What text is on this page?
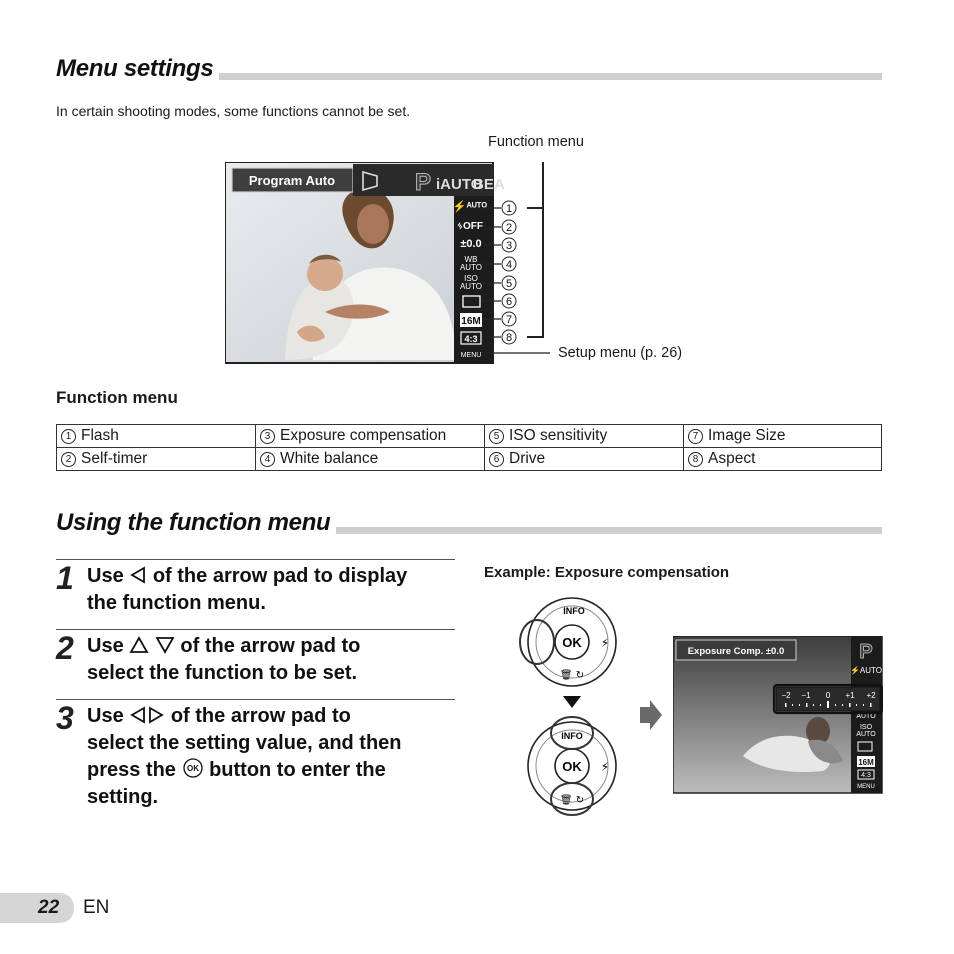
Menu settings
In certain shooting modes, some functions cannot be set.
Function menu
Program Auto	P iAUTO
BEA
⚡ᴬᵁᵀᴼ
ᛃOFF
±0.0
WB
AUTO
ISO
AUTO
16M
4:3
MENU
1
2
3
4
5
6
7
8
Setup menu (p. 26)
Function menu
1 Flash	3 Exposure compensation	5 ISO sensitivity	7 Image Size
2 Self-timer	4 White balance	6 Drive	8 Aspect
Using the function menu
1 Use of the arrow pad to display
the function menu.
2 Use	of the arrow pad to
select the function to be set.
3 Use of the arrow pad to
select the setting value, and then
press the OK button to enter the
setting.
Example: Exposure compensation
OK
INFO
⚡
🗑 ↻
OK
INFO
⚡
🗑 ↻
Exposure Comp. ±0.0	P
⚡AUTO
AUTO
ISO
AUTO
16M
4:3
MENU
−2 −1 0 +1 +2
22 EN
